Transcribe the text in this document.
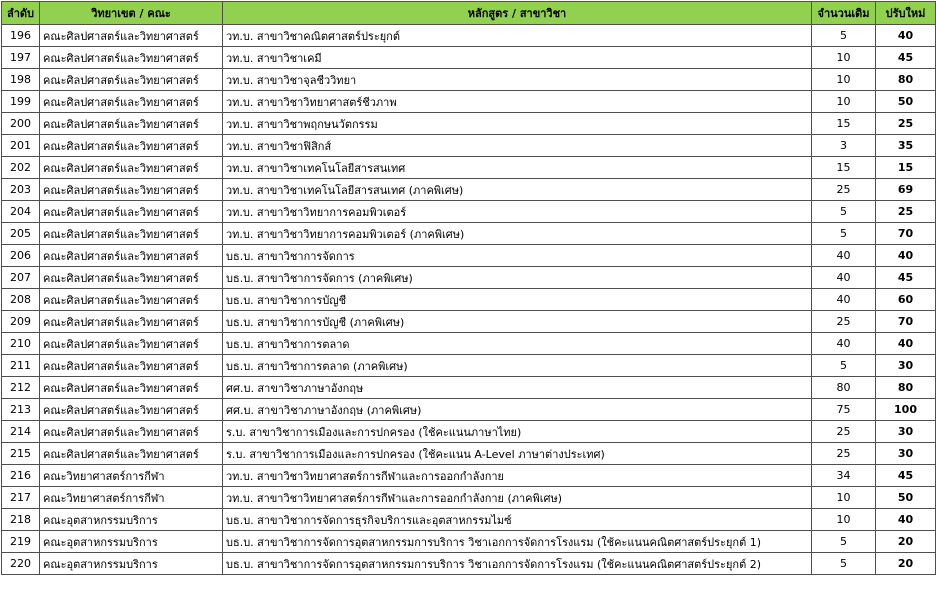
ลำดับ	วิทยาเขต / คณะ	หลักสูตร / สาขาวิชา	จำนวนเดิม	ปรับใหม่
196	คณะศิลปศาสตร์และวิทยาศาสตร์	วท.บ. สาขาวิชาคณิตศาสตร์ประยุกต์	5	40
197	คณะศิลปศาสตร์และวิทยาศาสตร์	วท.บ. สาขาวิชาเคมี	10	45
198	คณะศิลปศาสตร์และวิทยาศาสตร์	วท.บ. สาขาวิชาจุลชีววิทยา	10	80
199	คณะศิลปศาสตร์และวิทยาศาสตร์	วท.บ. สาขาวิชาวิทยาศาสตร์ชีวภาพ	10	50
200	คณะศิลปศาสตร์และวิทยาศาสตร์	วท.บ. สาขาวิชาพฤกษนวัตกรรม	15	25
201	คณะศิลปศาสตร์และวิทยาศาสตร์	วท.บ. สาขาวิชาฟิสิกส์	3	35
202	คณะศิลปศาสตร์และวิทยาศาสตร์	วท.บ. สาขาวิชาเทคโนโลยีสารสนเทศ	15	15
203	คณะศิลปศาสตร์และวิทยาศาสตร์	วท.บ. สาขาวิชาเทคโนโลยีสารสนเทศ (ภาคพิเศษ)	25	69
204	คณะศิลปศาสตร์และวิทยาศาสตร์	วท.บ. สาขาวิชาวิทยาการคอมพิวเตอร์	5	25
205	คณะศิลปศาสตร์และวิทยาศาสตร์	วท.บ. สาขาวิชาวิทยาการคอมพิวเตอร์ (ภาคพิเศษ)	5	70
206	คณะศิลปศาสตร์และวิทยาศาสตร์	บธ.บ. สาขาวิชาการจัดการ	40	40
207	คณะศิลปศาสตร์และวิทยาศาสตร์	บธ.บ. สาขาวิชาการจัดการ (ภาคพิเศษ)	40	45
208	คณะศิลปศาสตร์และวิทยาศาสตร์	บธ.บ. สาขาวิชาการบัญชี	40	60
209	คณะศิลปศาสตร์และวิทยาศาสตร์	บธ.บ. สาขาวิชาการบัญชี (ภาคพิเศษ)	25	70
210	คณะศิลปศาสตร์และวิทยาศาสตร์	บธ.บ. สาขาวิชาการตลาด	40	40
211	คณะศิลปศาสตร์และวิทยาศาสตร์	บธ.บ. สาขาวิชาการตลาด (ภาคพิเศษ)	5	30
212	คณะศิลปศาสตร์และวิทยาศาสตร์	ศศ.บ. สาขาวิชาภาษาอังกฤษ	80	80
213	คณะศิลปศาสตร์และวิทยาศาสตร์	ศศ.บ. สาขาวิชาภาษาอังกฤษ (ภาคพิเศษ)	75	100
214	คณะศิลปศาสตร์และวิทยาศาสตร์	ร.บ. สาขาวิชาการเมืองและการปกครอง (ใช้คะแนนภาษาไทย)	25	30
215	คณะศิลปศาสตร์และวิทยาศาสตร์	ร.บ. สาขาวิชาการเมืองและการปกครอง (ใช้คะแนน A-Level ภาษาต่างประเทศ)	25	30
216	คณะวิทยาศาสตร์การกีฬา	วท.บ. สาขาวิชาวิทยาศาสตร์การกีฬาและการออกกำลังกาย	34	45
217	คณะวิทยาศาสตร์การกีฬา	วท.บ. สาขาวิชาวิทยาศาสตร์การกีฬาและการออกกำลังกาย (ภาคพิเศษ)	10	50
218	คณะอุตสาหกรรมบริการ	บธ.บ. สาขาวิชาการจัดการธุรกิจบริการและอุตสาหกรรมไมซ์	10	40
219	คณะอุตสาหกรรมบริการ	บธ.บ. สาขาวิชาการจัดการอุตสาหกรรมการบริการ วิชาเอกการจัดการโรงแรม (ใช้คะแนนคณิตศาสตร์ประยุกต์ 1)	5	20
220	คณะอุตสาหกรรมบริการ	บธ.บ. สาขาวิชาการจัดการอุตสาหกรรมการบริการ วิชาเอกการจัดการโรงแรม (ใช้คะแนนคณิตศาสตร์ประยุกต์ 2)	5	20
